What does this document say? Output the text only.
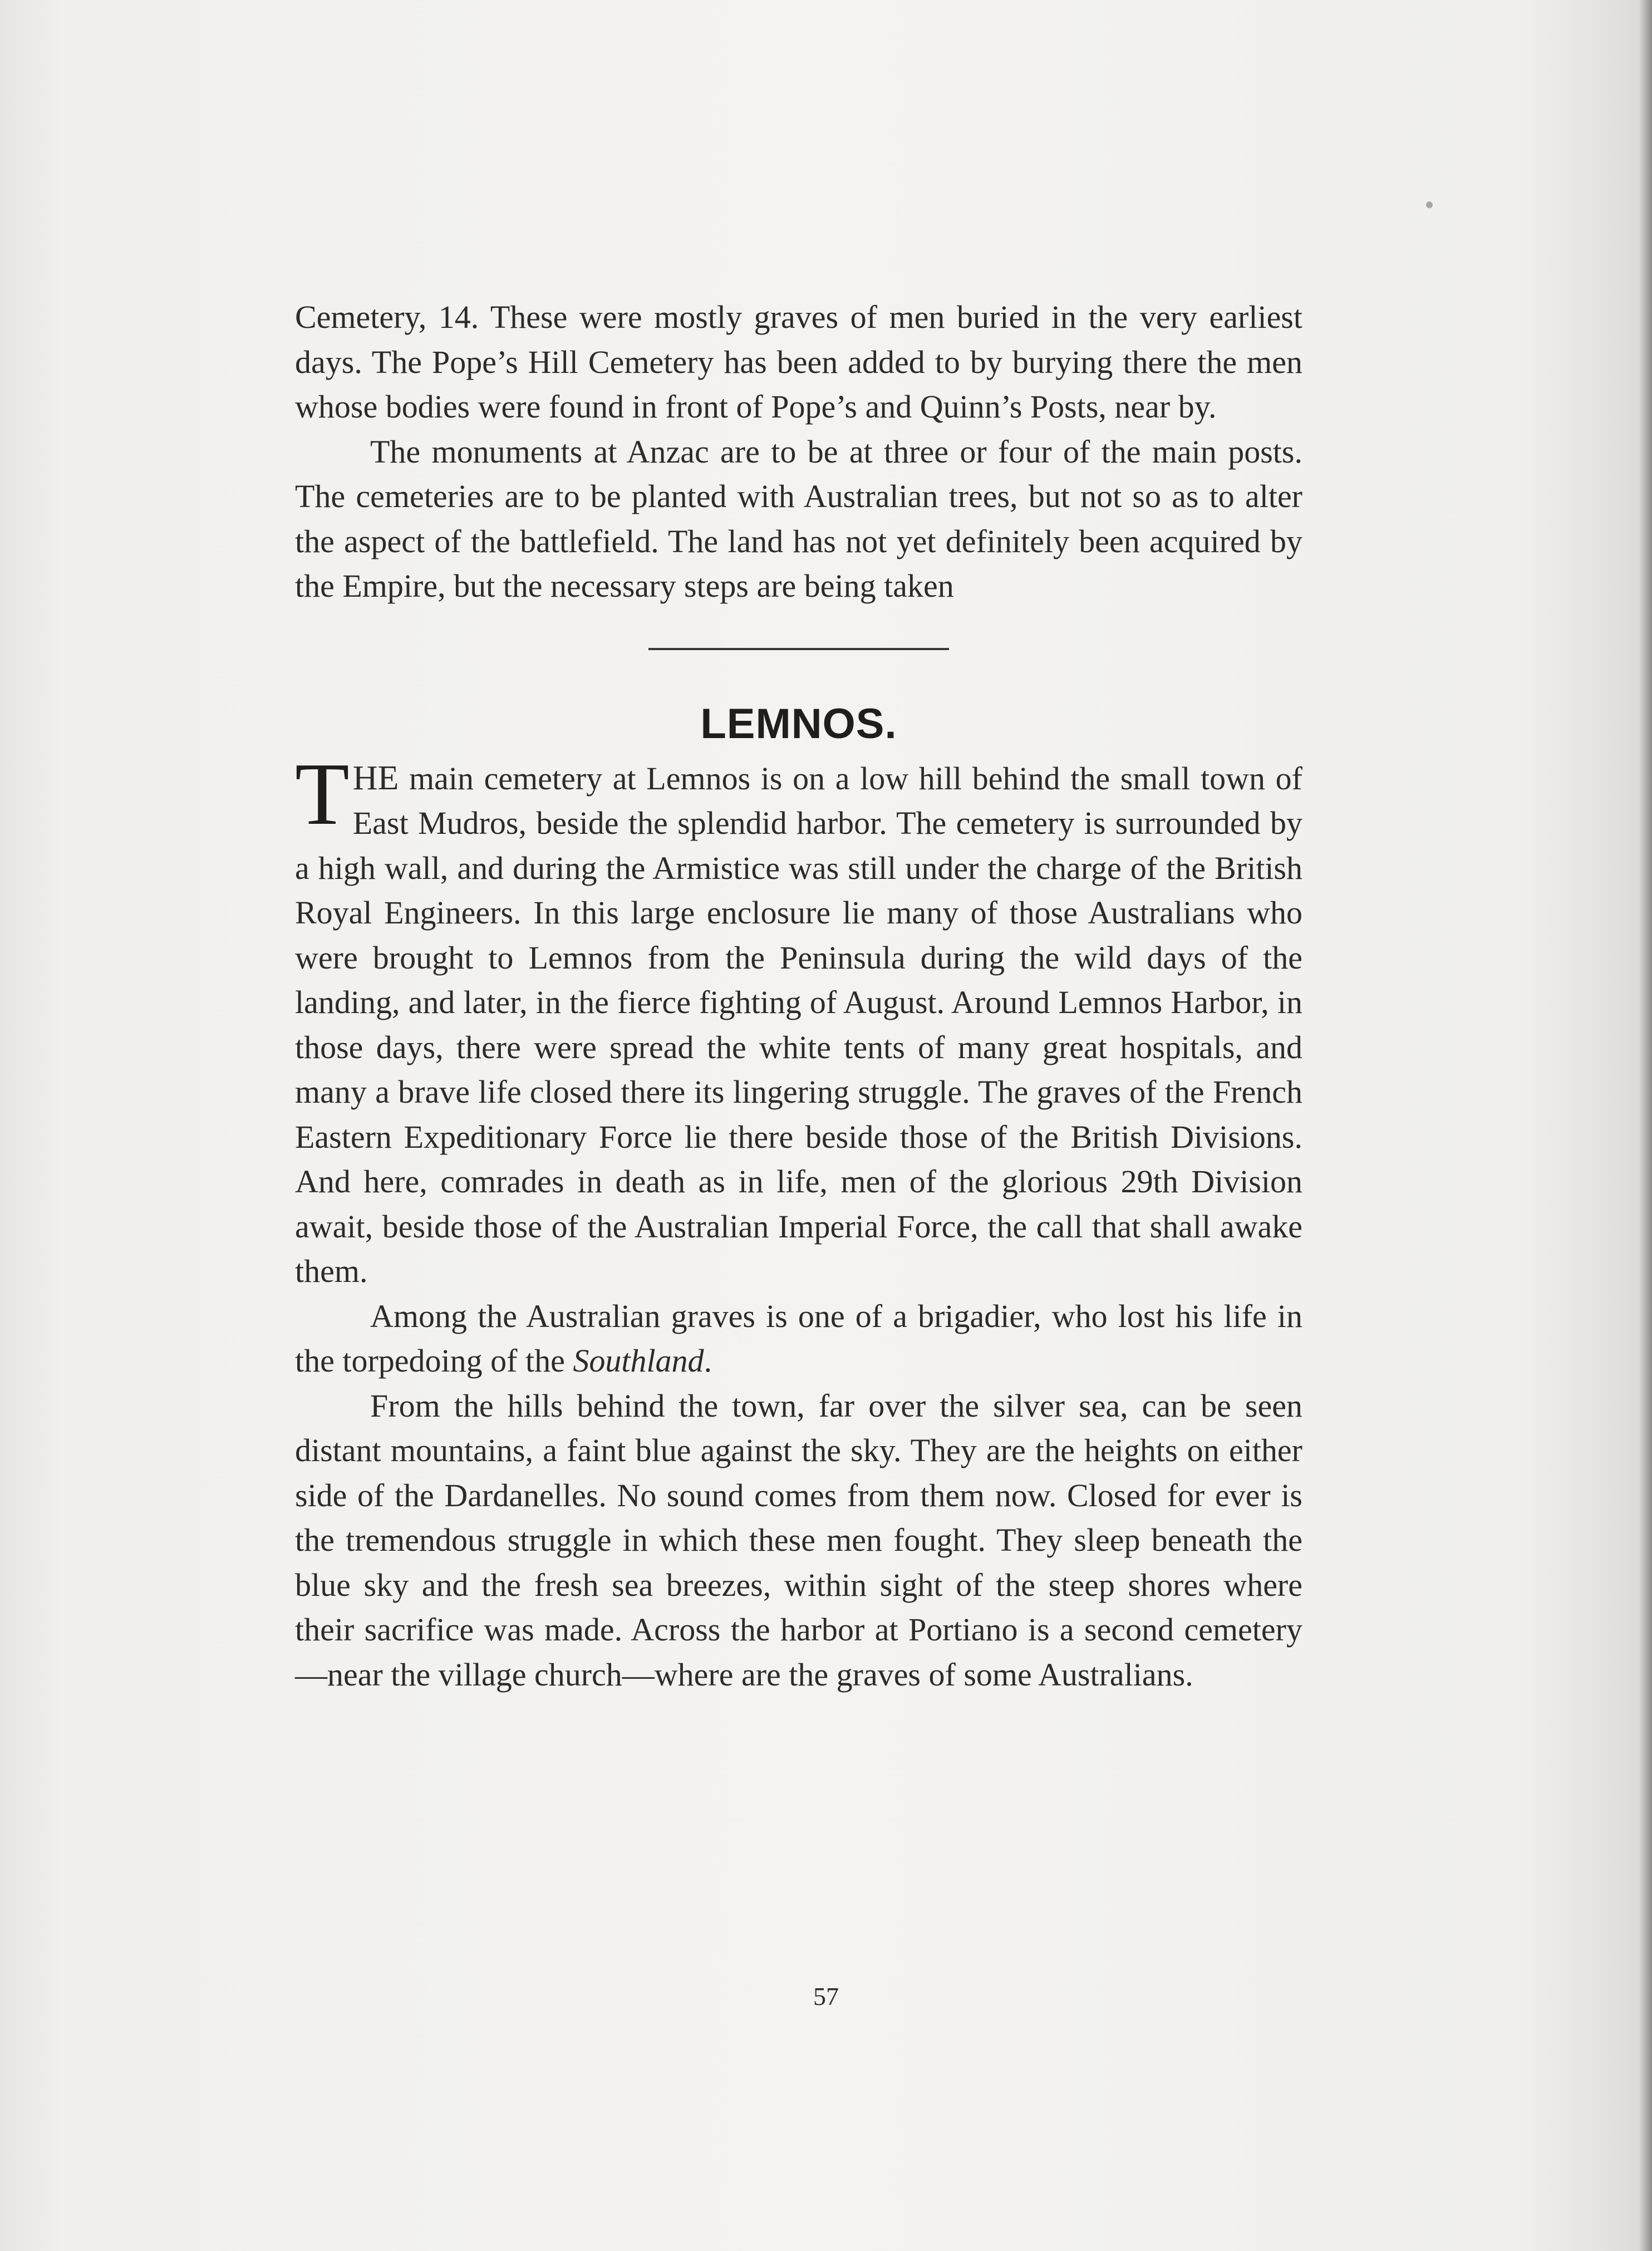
Cemetery, 14. These were mostly graves of men buried in the very earliest days. The Pope’s Hill Cemetery has been added to by burying there the men whose bodies were found in front of Pope’s and Quinn’s Posts, near by.

The monuments at Anzac are to be at three or four of the main posts. The cemeteries are to be planted with Australian trees, but not so as to alter the aspect of the battlefield. The land has not yet definitely been acquired by the Empire, but the necessary steps are being taken

LEMNOS.

THE main cemetery at Lemnos is on a low hill behind the small town of East Mudros, beside the splendid harbor. The cemetery is surrounded by a high wall, and during the Armistice was still under the charge of the British Royal Engineers. In this large enclosure lie many of those Australians who were brought to Lemnos from the Peninsula during the wild days of the landing, and later, in the fierce fighting of August. Around Lemnos Harbor, in those days, there were spread the white tents of many great hospitals, and many a brave life closed there its lingering struggle. The graves of the French Eastern Expeditionary Force lie there beside those of the British Divisions. And here, comrades in death as in life, men of the glorious 29th Division await, beside those of the Australian Imperial Force, the call that shall awake them.

Among the Australian graves is one of a brigadier, who lost his life in the torpedoing of the Southland.

From the hills behind the town, far over the silver sea, can be seen distant mountains, a faint blue against the sky. They are the heights on either side of the Dardanelles. No sound comes from them now. Closed for ever is the tremendous struggle in which these men fought. They sleep beneath the blue sky and the fresh sea breezes, within sight of the steep shores where their sacrifice was made. Across the harbor at Portiano is a second cemetery—near the village church—where are the graves of some Australians.

57
